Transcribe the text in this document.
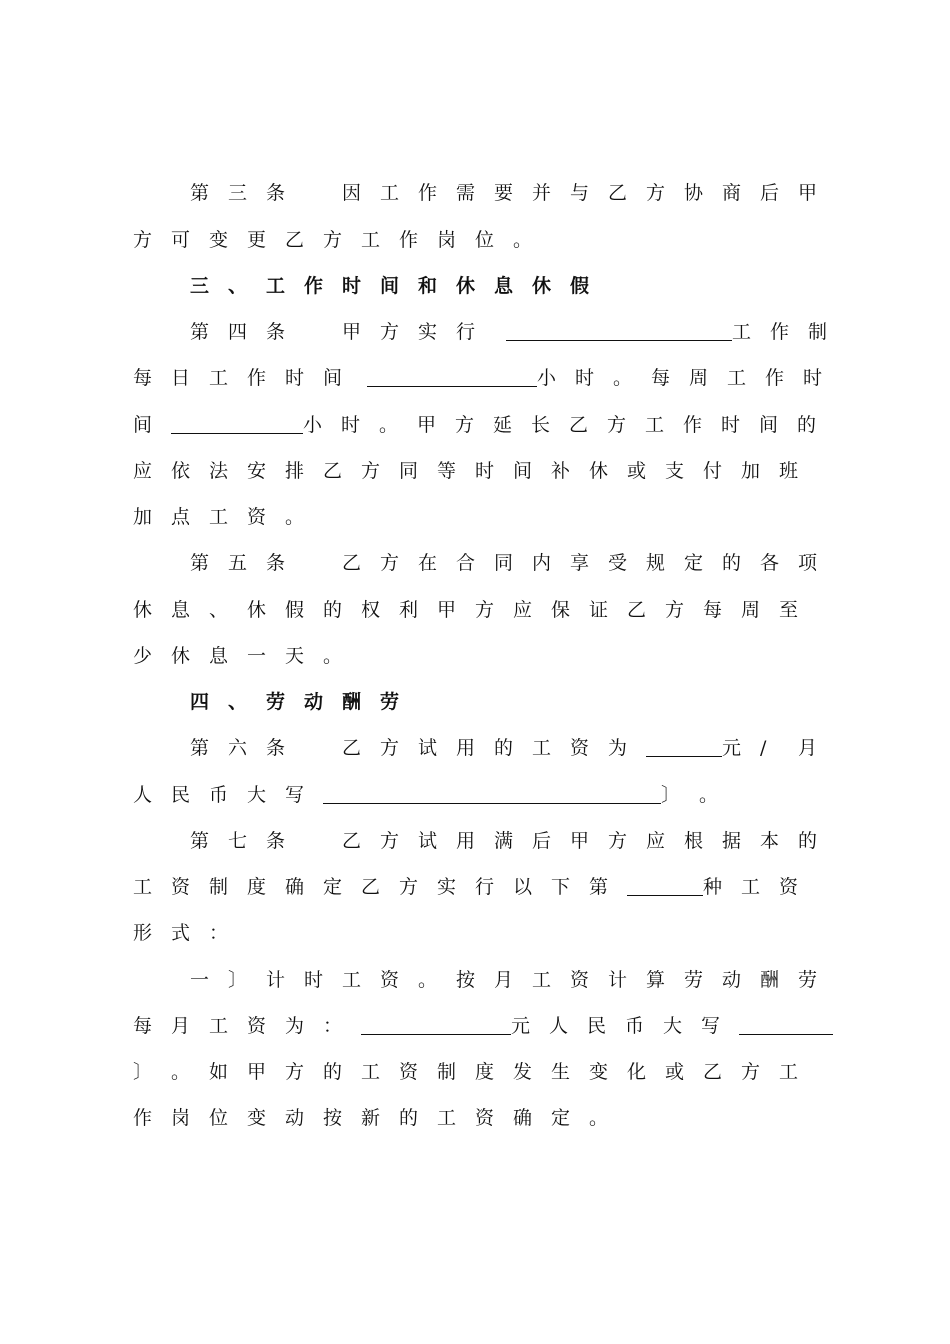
第 三 条	因 工 作 需 要 并 与 乙 方 协 商 后 甲
方 可 变 更 乙 方 工 作 岗 位 。
三 、 工 作 时 间 和 休 息 休 假
第 四 条	甲 方 实 行	工 作 制
每 日 工 作 时 间	小 时 。 每 周 工 作 时
间	小 时 。 甲 方 延 长 乙 方 工 作 时 间 的
应 依 法 安 排 乙 方 同 等 时 间 补 休 或 支 付 加 班
加 点 工 资 。
第 五 条	乙 方 在 合 同 内 享 受 规 定 的 各 项
休 息 、 休 假 的 权 利 甲 方 应 保 证 乙 方 每 周 至
少 休 息 一 天 。
四 、 劳 动 酬 劳
第 六 条	乙 方 试 用 的 工 资 为	元 / 月
人 民 币 大 写	〕 。
第 七 条	乙 方 试 用 满 后 甲 方 应 根 据 本 的
工 资 制 度 确 定 乙 方 实 行 以 下 第	种 工 资
形 式 ：
一 〕 计 时 工 资 。 按 月 工 资 计 算 劳 动 酬 劳
每 月 工 资 为 ：	元 人 民 币 大 写
〕 。 如 甲 方 的 工 资 制 度 发 生 变 化 或 乙 方 工
作 岗 位 变 动 按 新 的 工 资 确 定 。
